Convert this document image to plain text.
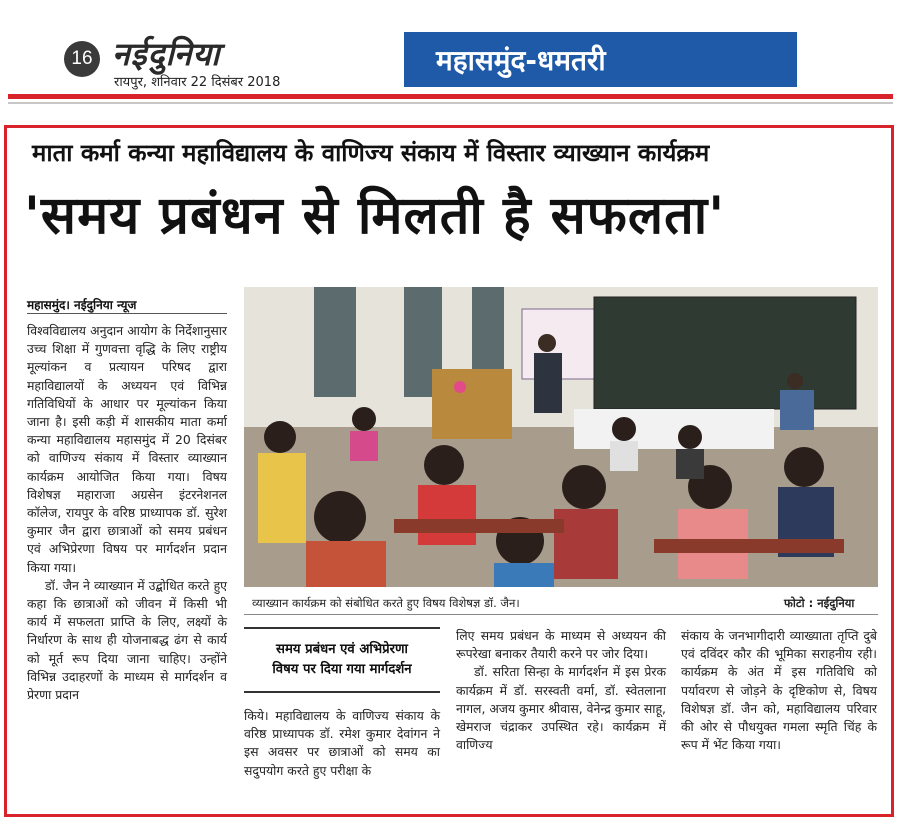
16 नईदुनिया
रायपुर, शनिवार 22 दिसंबर 2018
महासमुंद-धमतरी
माता कर्मा कन्या महाविद्यालय के वाणिज्य संकाय में विस्तार व्याख्यान कार्यक्रम
'समय प्रबंधन से मिलती है सफलता'
महासमुंद। नईदुनिया न्यूज

विश्वविद्यालय अनुदान आयोग के निर्देशानुसार उच्च शिक्षा में गुणवत्ता वृद्धि के लिए राष्ट्रीय मूल्यांकन व प्रत्यायन परिषद द्वारा महाविद्यालयों के अध्ययन एवं विभिन्न गतिविधियों के आधार पर मूल्यांकन किया जाना है। इसी कड़ी में शासकीय माता कर्मा कन्या महाविद्यालय महासमुंद में 20 दिसंबर को वाणिज्य संकाय में विस्तार व्याख्यान कार्यक्रम आयोजित किया गया। विषय विशेषज्ञ महाराजा अग्रसेन इंटरनेशनल कॉलेज, रायपुर के वरिष्ठ प्राध्यापक डॉ. सुरेश कुमार जैन द्वारा छात्राओं को समय प्रबंधन एवं अभिप्रेरणा विषय पर मार्गदर्शन प्रदान किया गया।

डॉ. जैन ने व्याख्यान में उद्बोधित करते हुए कहा कि छात्राओं को जीवन में किसी भी कार्य में सफलता प्राप्ति के लिए, लक्ष्यों के निर्धारण के साथ ही योजनाबद्ध ढंग से कार्य को मूर्त रूप दिया जाना चाहिए। उन्होंने विभिन्न उदाहरणों के माध्यम से मार्गदर्शन व प्रेरणा प्रदान

व्याख्यान कार्यक्रम को संबोधित करते हुए विषय विशेषज्ञ डॉ. जैन।	फोटो : नईदुनिया
समय प्रबंधन एवं अभिप्रेरणा
विषय पर दिया गया मार्गदर्शन

किये। महाविद्यालय के वाणिज्य संकाय के वरिष्ठ प्राध्यापक डॉ. रमेश कुमार देवांगन ने इस अवसर पर छात्राओं को समय का सदुपयोग करते हुए परीक्षा के

लिए समय प्रबंधन के माध्यम से अध्ययन की रूपरेखा बनाकर तैयारी करने पर जोर दिया।

डॉ. सरिता सिन्हा के मार्गदर्शन में इस प्रेरक कार्यक्रम में डॉ. सरस्वती वर्मा, डॉ. स्वेतलाना नागल, अजय कुमार श्रीवास, वेनेन्द्र कुमार साहू, खेमराज चंद्राकर उपस्थित रहे। कार्यक्रम में वाणिज्य

संकाय के जनभागीदारी व्याख्याता तृप्ति दुबे एवं दविंदर कौर की भूमिका सराहनीय रही। कार्यक्रम के अंत में इस गतिविधि को पर्यावरण से जोड़ने के दृष्टिकोण से, विषय विशेषज्ञ डॉ. जैन को, महाविद्यालय परिवार की ओर से पौधयुक्त गमला स्मृति चिंह के रूप में भेंट किया गया।
